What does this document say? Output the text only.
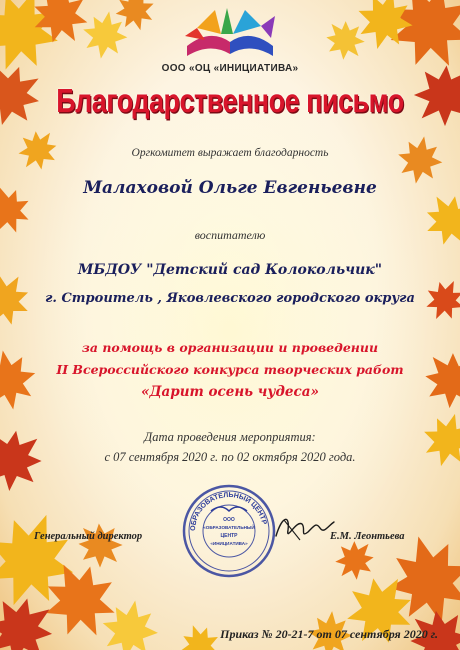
ООО «ОЦ «ИНИЦИАТИВА»
Благодарственное письмо
Оргкомитет выражает благодарность
Малаховой Ольге Евгеньевне
воспитателю
МБДОУ "Детский сад Колокольчик"
г. Строитель , Яковлевского городского округа
за помощь в организации и проведении
II Всероссийского конкурса творческих работ
«Дарит осень чудеса»
Дата проведения мероприятия:
с 07 сентября 2020 г. по 02 октября 2020 года.
Генеральный директор
ОБРАЗОВАТЕЛЬНЫЙ ЦЕНТР
ООО
«ОБРАЗОВАТЕЛЬНЫЙ
ЦЕНТР
«ИНИЦИАТИВА»
Е.М. Леонтьева
Приказ № 20-21-7 от 07 сентября 2020 г.
